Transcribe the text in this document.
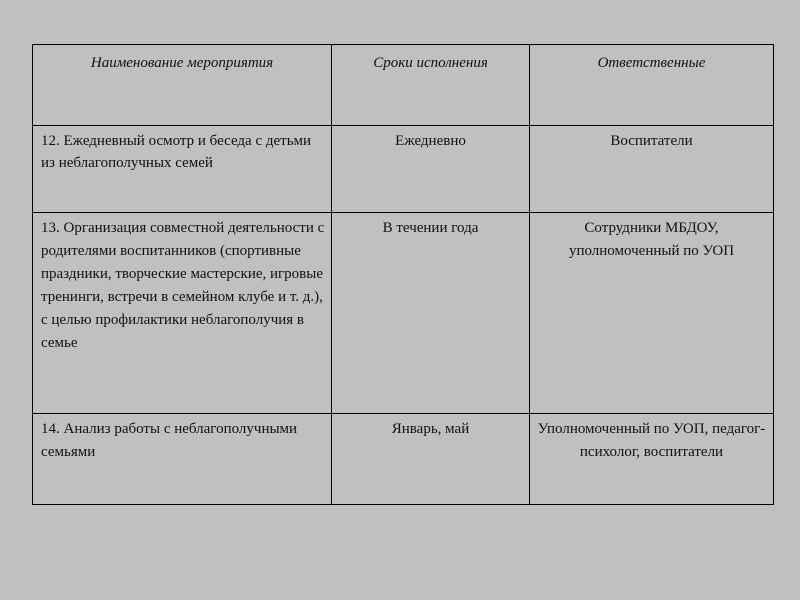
Наименование мероприятия	Сроки исполнения	Ответственные

12. Ежедневный осмотр и беседа с детьми из неблагополучных семей	Ежедневно	Воспитатели

13. Организация совместной деятельности с родителями воспитанников (спортивные праздники, творческие мастерские, игровые тренинги, встречи в семейном клубе и т. д.), с целью профилактики неблагополучия в семье	В течении года	Сотрудники МБДОУ, уполномоченный по УОП

14. Анализ работы с неблагополучными семьями	Январь, май	Уполномоченный по УОП, педагог-психолог, воспитатели
